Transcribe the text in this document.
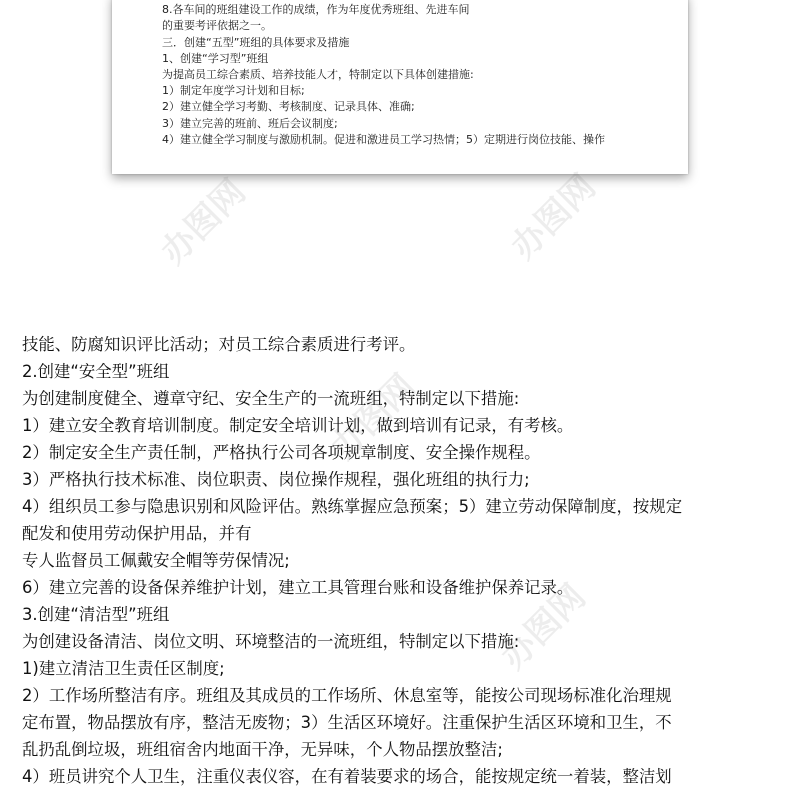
8.各车间的班组建设工作的成绩，作为年度优秀班组、先进车间
的重要考评依据之一。
三．创建“五型”班组的具体要求及措施
1、创建“学习型”班组
为提高员工综合素质、培养技能人才，特制定以下具体创建措施:
1）制定年度学习计划和目标;
2）建立健全学习考勤、考核制度、记录具体、准确;
3）建立完善的班前、班后会议制度;
4）建立健全学习制度与激励机制。促进和激进员工学习热情；5）定期进行岗位技能、操作
办图网	办图网
办图网
办图网
技能、防腐知识评比活动；对员工综合素质进行考评。
2.创建“安全型”班组
为创建制度健全、遵章守纪、安全生产的一流班组，特制定以下措施:
1）建立安全教育培训制度。制定安全培训计划，做到培训有记录，有考核。
2）制定安全生产责任制，严格执行公司各项规章制度、安全操作规程。
3）严格执行技术标准、岗位职责、岗位操作规程，强化班组的执行力;
4）组织员工参与隐患识别和风险评估。熟练掌握应急预案；5）建立劳动保障制度，按规定
配发和使用劳动保护用品，并有
专人监督员工佩戴安全帽等劳保情况;
6）建立完善的设备保养维护计划，建立工具管理台账和设备维护保养记录。
3.创建“清洁型”班组
为创建设备清洁、岗位文明、环境整洁的一流班组，特制定以下措施:
1)建立清洁卫生责任区制度;
2）工作场所整洁有序。班组及其成员的工作场所、休息室等，能按公司现场标准化治理规
定布置，物品摆放有序，整洁无废物；3）生活区环境好。注重保护生活区环境和卫生，不
乱扔乱倒垃圾，班组宿舍内地面干净，无异味，个人物品摆放整洁;
4）班员讲究个人卫生，注重仪表仪容，在有着装要求的场合，能按规定统一着装，整洁划
